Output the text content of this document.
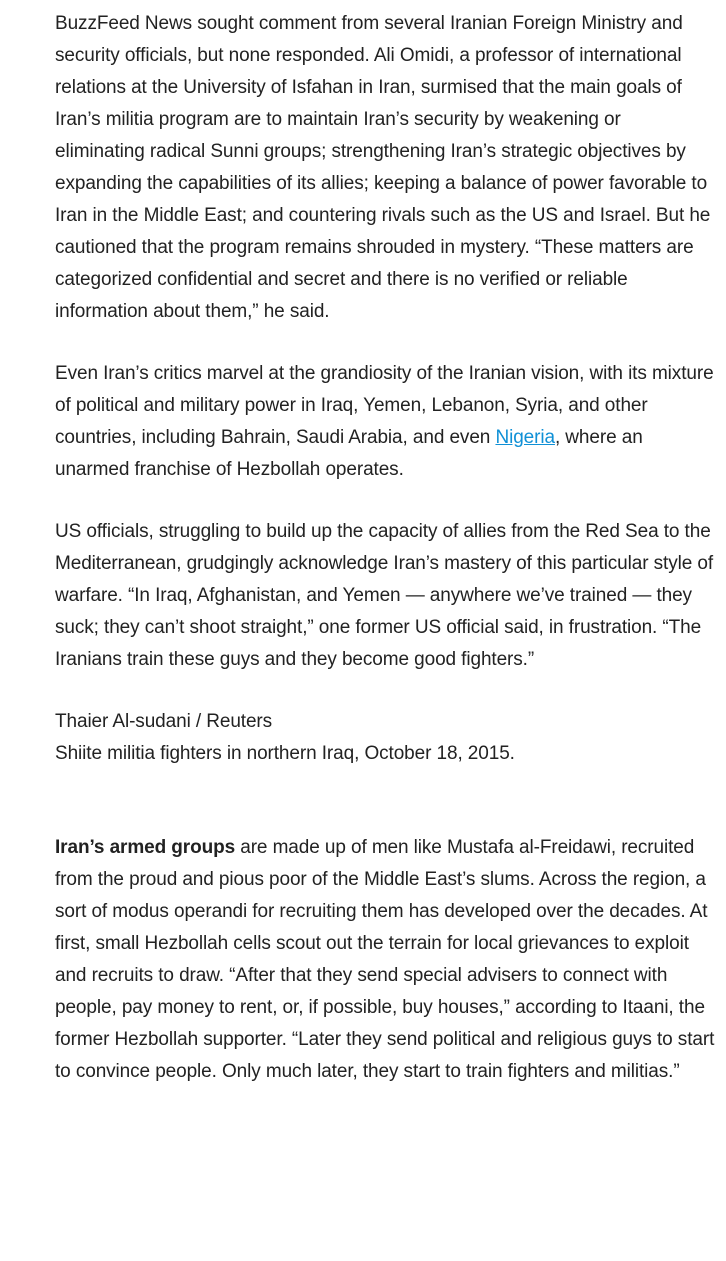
BuzzFeed News sought comment from several Iranian Foreign Ministry and security officials, but none responded. Ali Omidi, a professor of international relations at the University of Isfahan in Iran, surmised that the main goals of Iran’s militia program are to maintain Iran’s security by weakening or eliminating radical Sunni groups; strengthening Iran’s strategic objectives by expanding the capabilities of its allies; keeping a balance of power favorable to Iran in the Middle East; and countering rivals such as the US and Israel. But he cautioned that the program remains shrouded in mystery. “These matters are categorized confidential and secret and there is no verified or reliable information about them,” he said.

Even Iran’s critics marvel at the grandiosity of the Iranian vision, with its mixture of political and military power in Iraq, Yemen, Lebanon, Syria, and other countries, including Bahrain, Saudi Arabia, and even Nigeria, where an unarmed franchise of Hezbollah operates.

US officials, struggling to build up the capacity of allies from the Red Sea to the Mediterranean, grudgingly acknowledge Iran’s mastery of this particular style of warfare. “In Iraq, Afghanistan, and Yemen — anywhere we’ve trained — they suck; they can’t shoot straight,” one former US official said, in frustration. “The Iranians train these guys and they become good fighters.”

Thaier Al-sudani / Reuters

Shiite militia fighters in northern Iraq, October 18, 2015.

Iran’s armed groups are made up of men like Mustafa al-Freidawi, recruited from the proud and pious poor of the Middle East’s slums. Across the region, a sort of modus operandi for recruiting them has developed over the decades. At first, small Hezbollah cells scout out the terrain for local grievances to exploit and recruits to draw. “After that they send special advisers to connect with people, pay money to rent, or, if possible, buy houses,” according to Itaani, the former Hezbollah supporter. “Later they send political and religious guys to start to convince people. Only much later, they start to train fighters and militias.”
